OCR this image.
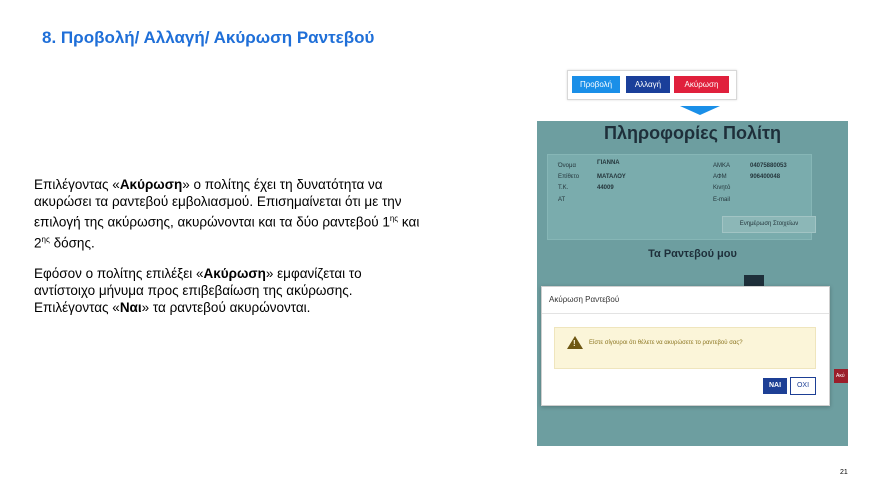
8. Προβολή/ Αλλαγή/ Ακύρωση Ραντεβού

Επιλέγοντας «Ακύρωση» ο πολίτης έχει τη δυνατότητα να ακυρώσει τα ραντεβού εμβολιασμού. Επισημαίνεται ότι με την επιλογή της ακύρωσης, ακυρώνονται και τα δύο ραντεβού $1^{\eta\varsigma}$ και $2^{\eta\varsigma}$ δόσης.

Εφόσον ο πολίτης επιλέξει «Ακύρωση» εμφανίζεται το αντίστοιχο μήνυμα προς επιβεβαίωση της ακύρωσης. Επιλέγοντας «Ναι» τα ραντεβού ακυρώνονται.

Προβολή	Αλλαγή	Ακύρωση
Πληροφορίες Πολίτη
Όνομα	ΓΙΑΝΝΑ
Επίθετο	ΜΑΤΑΛΟΥ
Τ.Κ.	44009
ΑΤ
ΑΜΚΑ	04075880053
ΑΦΜ	906400048
Κινητό
E-mail
Ενημέρωση Στοιχείων
Τα Ραντεβού μου
Ακύ
Ακύρωση Ραντεβού
! Είστε σίγουροι ότι θέλετε να ακυρώσετε το ραντεβού σας?
ΝΑΙ	ΟΧΙ
21
